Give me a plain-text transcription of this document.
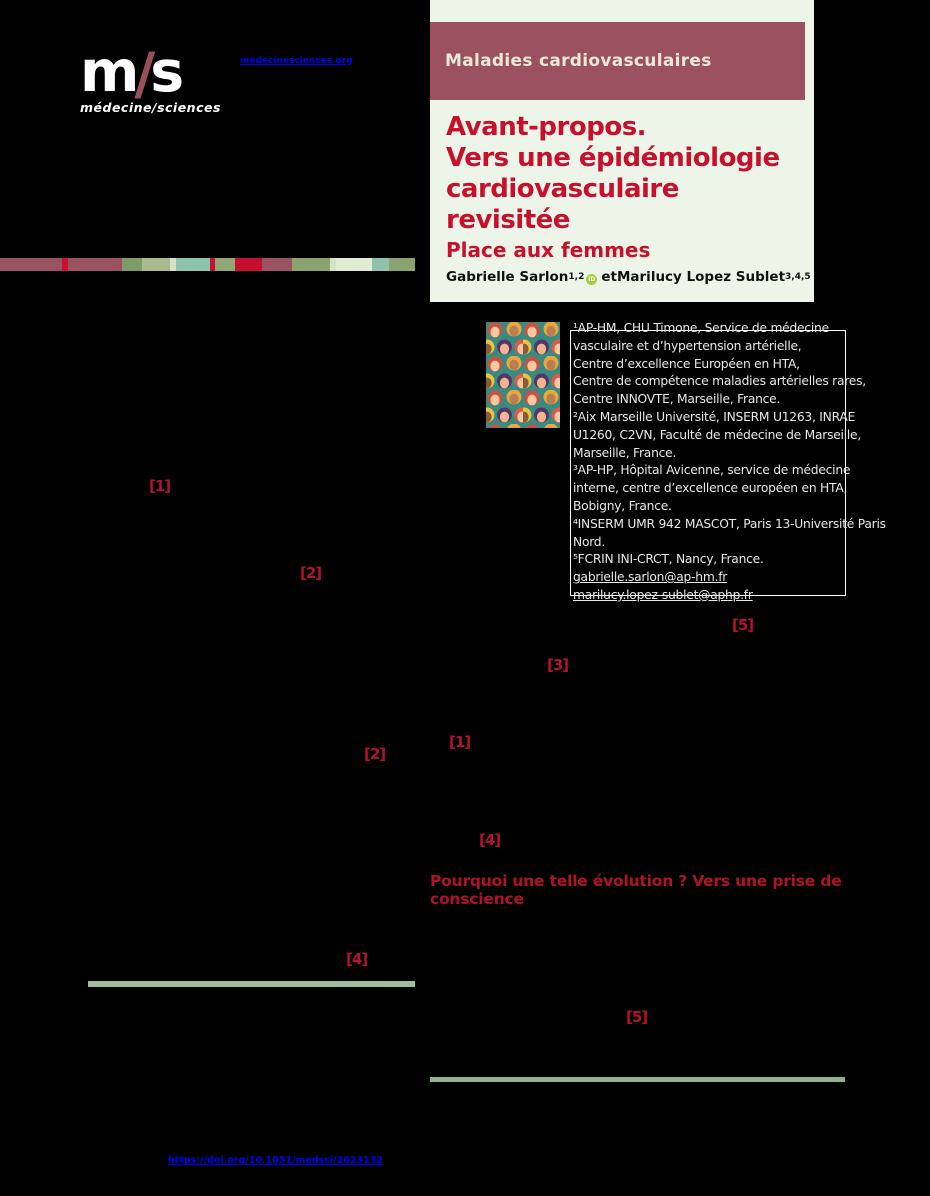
m
/
s
médecine/sciences
medecinesciences.org	Maladies cardiovasculaires
Avant-propos.
Vers une épidémiologie
cardiovasculaire
revisitée
Place aux femmes
Gabrielle Sarlon 1,2 iD et Marilucy Lopez Sublet 3,4,5
¹AP-HM, CHU Timone, Service de médecine
vasculaire et d’hypertension artérielle,
Centre d’excellence Européen en HTA,
Centre de compétence maladies artérielles rares,
Centre INNOVTE, Marseille, France.
²Aix Marseille Université, INSERM U1263, INRAE
U1260, C2VN, Faculté de médecine de Marseille,
Marseille, France.
³AP-HP, Hôpital Avicenne, service de médecine
interne, centre d’excellence européen en HTA,
Bobigny, France.
⁴INSERM UMR 942 MASCOT, Paris 13-Université Paris
Nord.
⁵FCRIN INI-CRCT, Nancy, France.
gabrielle.sarlon@ap-hm.fr
marilucy.lopez-sublet@aphp.fr
[1]
[2]
[5]
[3]
[1]
[2]
[4]
[4]
[5]
Pourquoi une telle évolution ? Vers une prise de conscience
https://doi.org/10.1051/medsci/2023132
